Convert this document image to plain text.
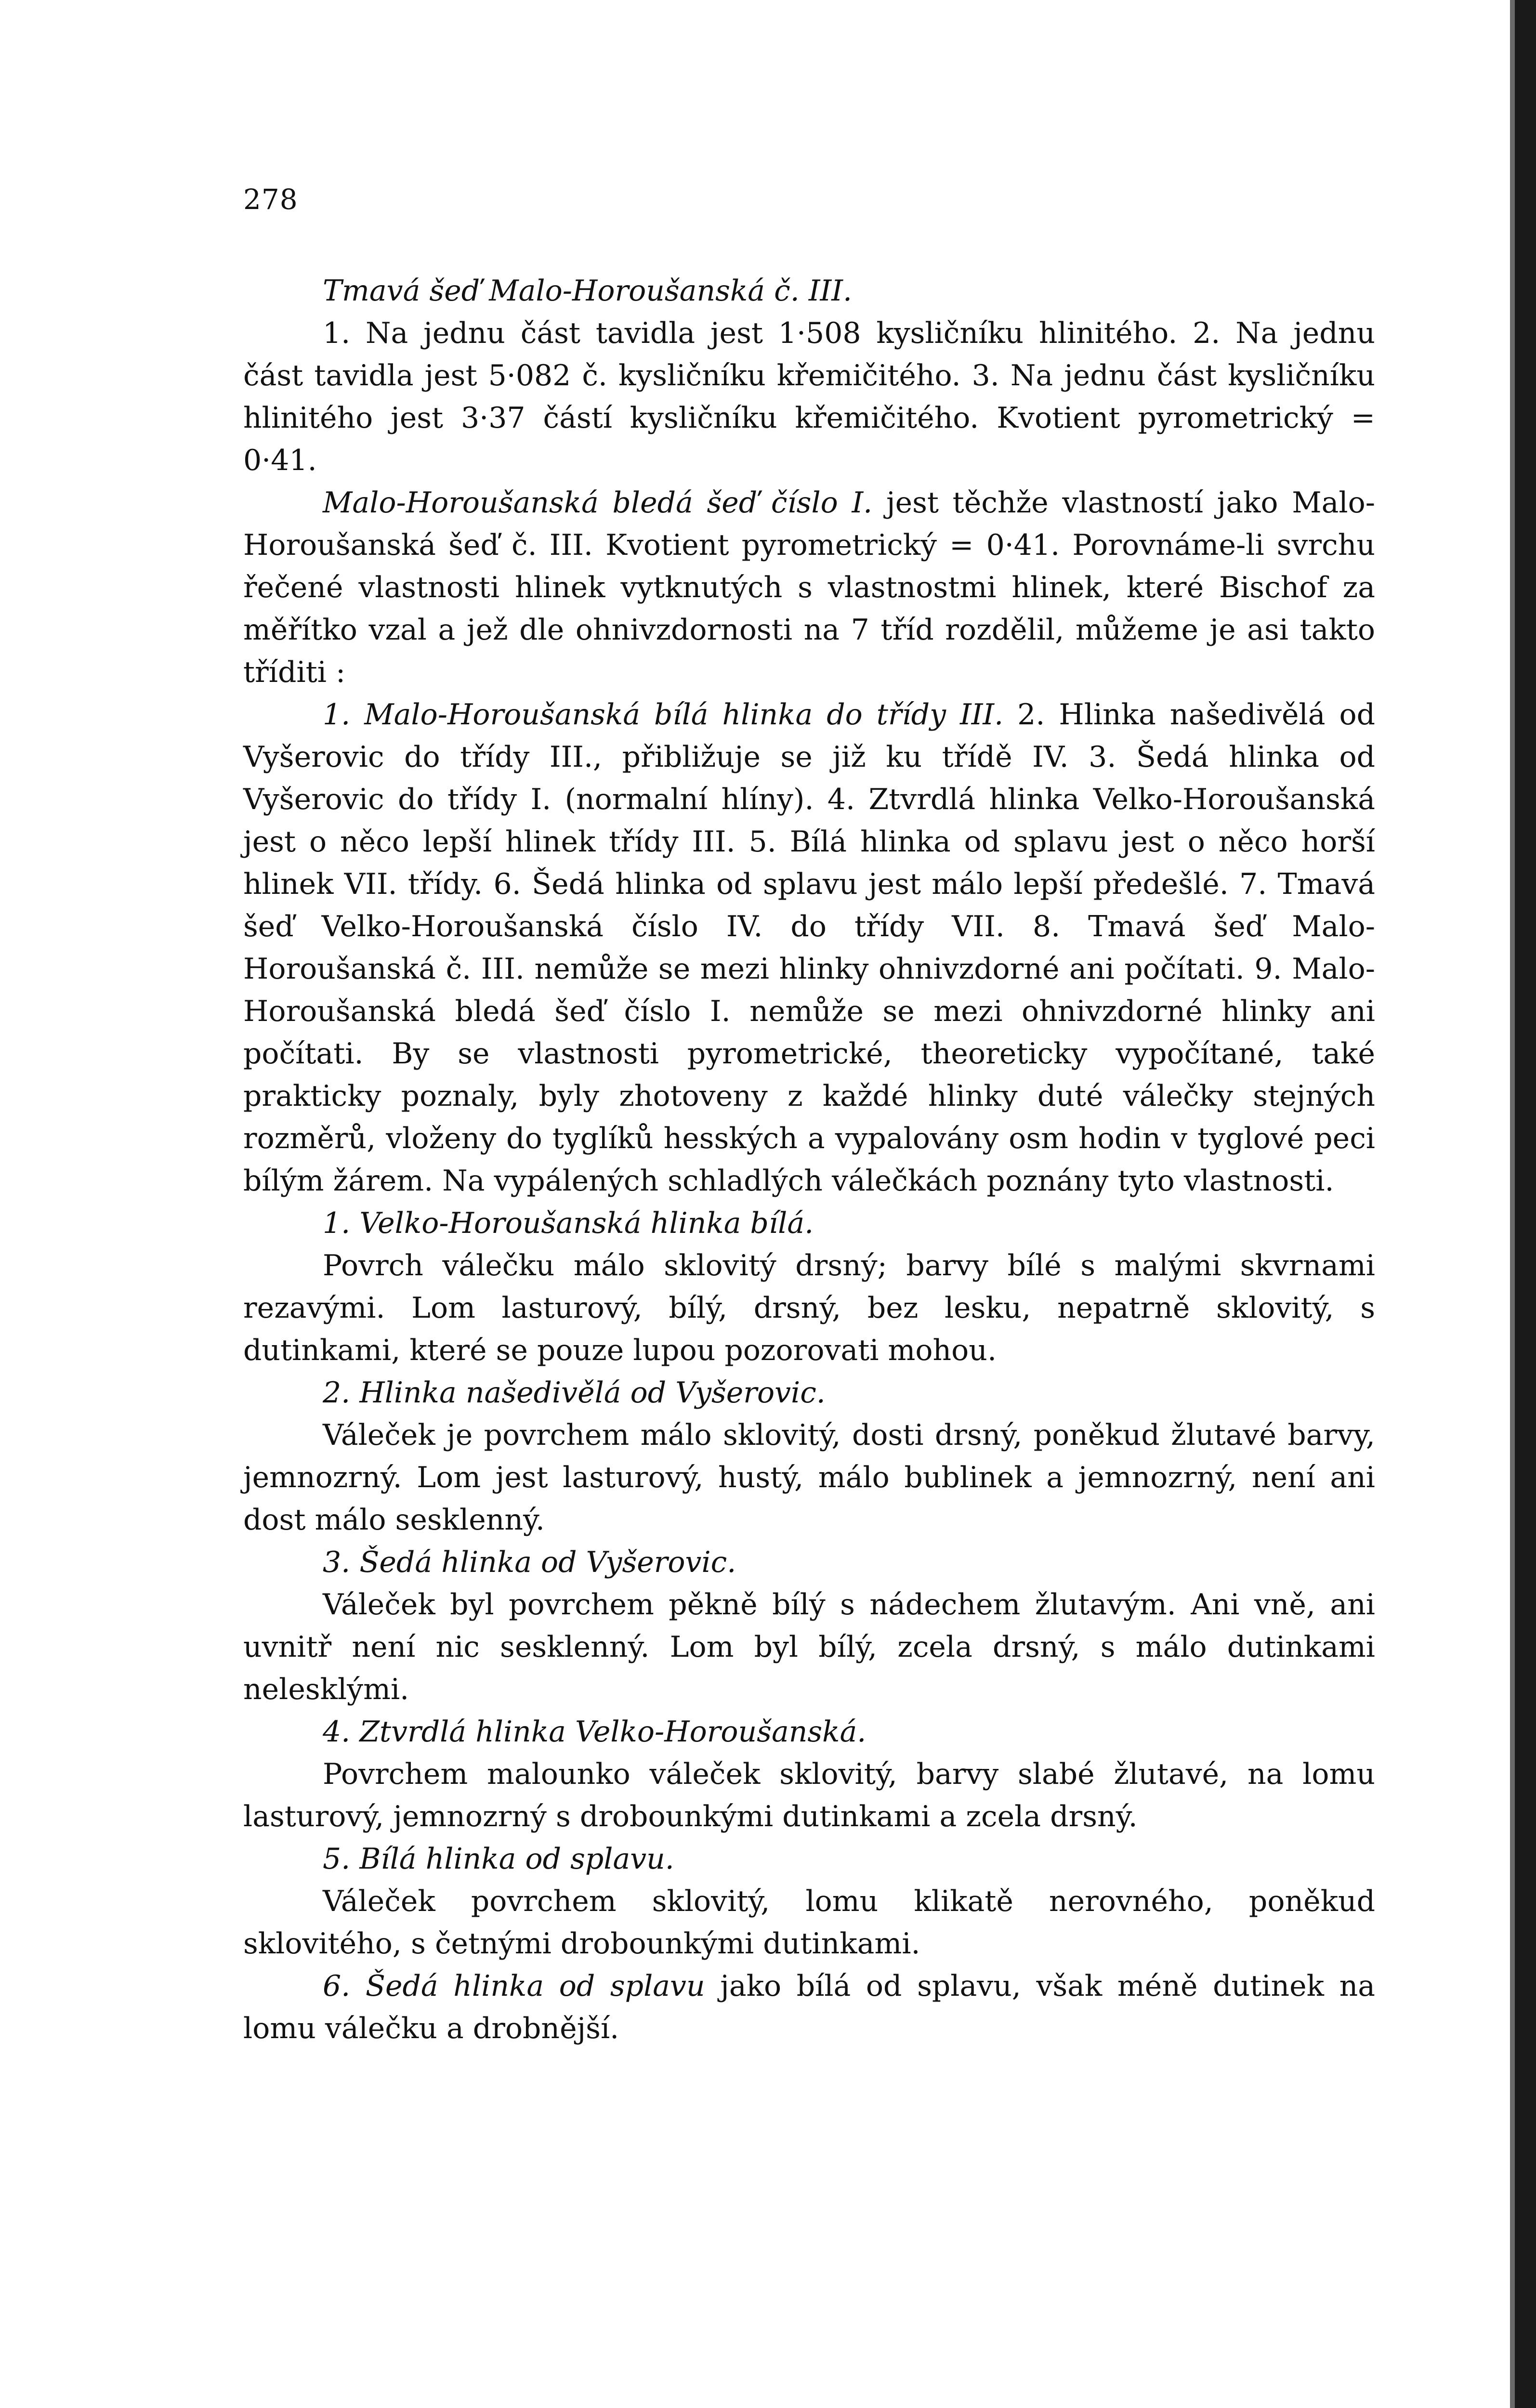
278

Tmavá šeď Malo-Horoušanská č. III.

1. Na jednu část tavidla jest 1·508 kysličníku hlinitého. 2. Na jednu část tavidla jest 5·082 č. kysličníku křemičitého. 3. Na jednu část kysličníku hlinitého jest 3·37 částí kysličníku křemičitého. Kvotient pyrometrický = 0·41.

Malo-Horoušanská bledá šeď číslo I. jest těchže vlastností jako Malo-Horoušanská šeď č. III. Kvotient pyrometrický = 0·41. Porovnáme-li svrchu řečené vlastnosti hlinek vytknutých s vlastnostmi hlinek, které Bischof za měřítko vzal a jež dle ohnivzdornosti na 7 tříd rozdělil, můžeme je asi takto tříditi :

1. Malo-Horoušanská bílá hlinka do třídy III. 2. Hlinka našedivělá od Vyšerovic do třídy III., přibližuje se již ku třídě IV. 3. Šedá hlinka od Vyšerovic do třídy I. (normalní hlíny). 4. Ztvrdlá hlinka Velko-Horoušanská jest o něco lepší hlinek třídy III. 5. Bílá hlinka od splavu jest o něco horší hlinek VII. třídy. 6. Šedá hlinka od splavu jest málo lepší předešlé. 7. Tmavá šeď Velko-Horoušanská číslo IV. do třídy VII. 8. Tmavá šeď Malo-Horoušanská č. III. nemůže se mezi hlinky ohnivzdorné ani počítati. 9. Malo-Horoušanská bledá šeď číslo I. nemůže se mezi ohnivzdorné hlinky ani počítati. By se vlastnosti pyrometrické, theoreticky vypočítané, také prakticky poznaly, byly zhotoveny z každé hlinky duté válečky stejných rozměrů, vloženy do tyglíků hesských a vypalovány osm hodin v tyglové peci bílým žárem. Na vypálených schladlých válečkách poznány tyto vlastnosti.

1. Velko-Horoušanská hlinka bílá.

Povrch válečku málo sklovitý drsný; barvy bílé s malými skvrnami rezavými. Lom lasturový, bílý, drsný, bez lesku, nepatrně sklovitý, s dutinkami, které se pouze lupou pozorovati mohou.

2. Hlinka našedivělá od Vyšerovic.

Váleček je povrchem málo sklovitý, dosti drsný, poněkud žlutavé barvy, jemnozrný. Lom jest lasturový, hustý, málo bublinek a jemnozrný, není ani dost málo sesklenný.

3. Šedá hlinka od Vyšerovic.

Váleček byl povrchem pěkně bílý s nádechem žlutavým. Ani vně, ani uvnitř není nic sesklenný. Lom byl bílý, zcela drsný, s málo dutinkami nelesklými.

4. Ztvrdlá hlinka Velko-Horoušanská.

Povrchem malounko váleček sklovitý, barvy slabé žlutavé, na lomu lasturový, jemnozrný s drobounkými dutinkami a zcela drsný.

5. Bílá hlinka od splavu.

Váleček povrchem sklovitý, lomu klikatě nerovného, poněkud sklovitého, s četnými drobounkými dutinkami.

6. Šedá hlinka od splavu jako bílá od splavu, však méně dutinek na lomu válečku a drobnější.
